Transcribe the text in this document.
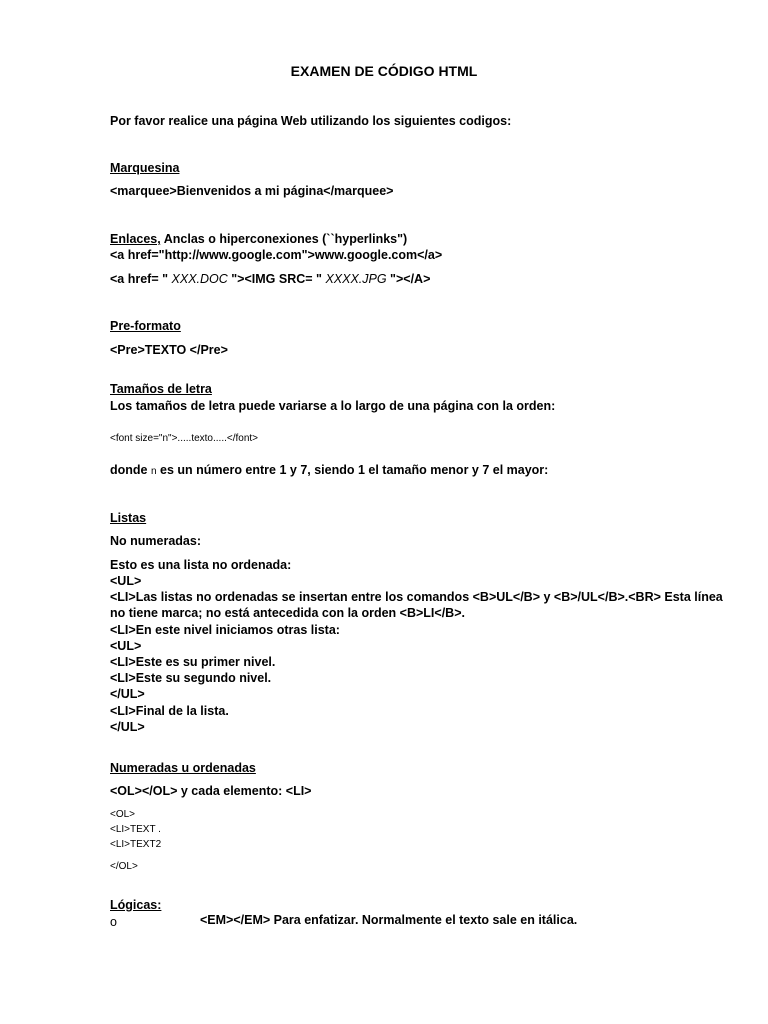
EXAMEN DE CÓDIGO HTML
Por favor realice una página Web utilizando los siguientes codigos:
Marquesina
<marquee>Bienvenidos a mi página</marquee>
Enlaces, Anclas o hiperconexiones (``hyperlinks")
<a href="http://www.google.com">www.google.com</a>
<a href= " XXX.DOC "><IMG SRC= " XXXX.JPG "></A>
Pre-formato
<Pre>TEXTO </Pre>
Tamaños de letra
Los tamaños de letra puede variarse a lo largo de una página con la orden:
<font size="n">.....texto.....</font>
donde n es un número entre 1 y 7, siendo 1 el tamaño menor y 7 el mayor:
Listas
No numeradas:
Esto es una lista no ordenada:
<UL>
<LI>Las listas no ordenadas se insertan entre los comandos <B>UL</B> y <B>/UL</B>.<BR> Esta línea
no tiene marca; no está antecedida con la orden <B>LI</B>.
<LI>En este nivel iniciamos otras lista:
<UL>
<LI>Este es su primer nivel.
<LI>Este su segundo nivel.
</UL>
<LI>Final de la lista.
</UL>
Numeradas u ordenadas
<OL></OL> y cada elemento: <LI>
<OL>
<LI>TEXT .
<LI>TEXT2
</OL>
Lógicas:
o	<EM></EM> Para enfatizar. Normalmente el texto sale en itálica.
